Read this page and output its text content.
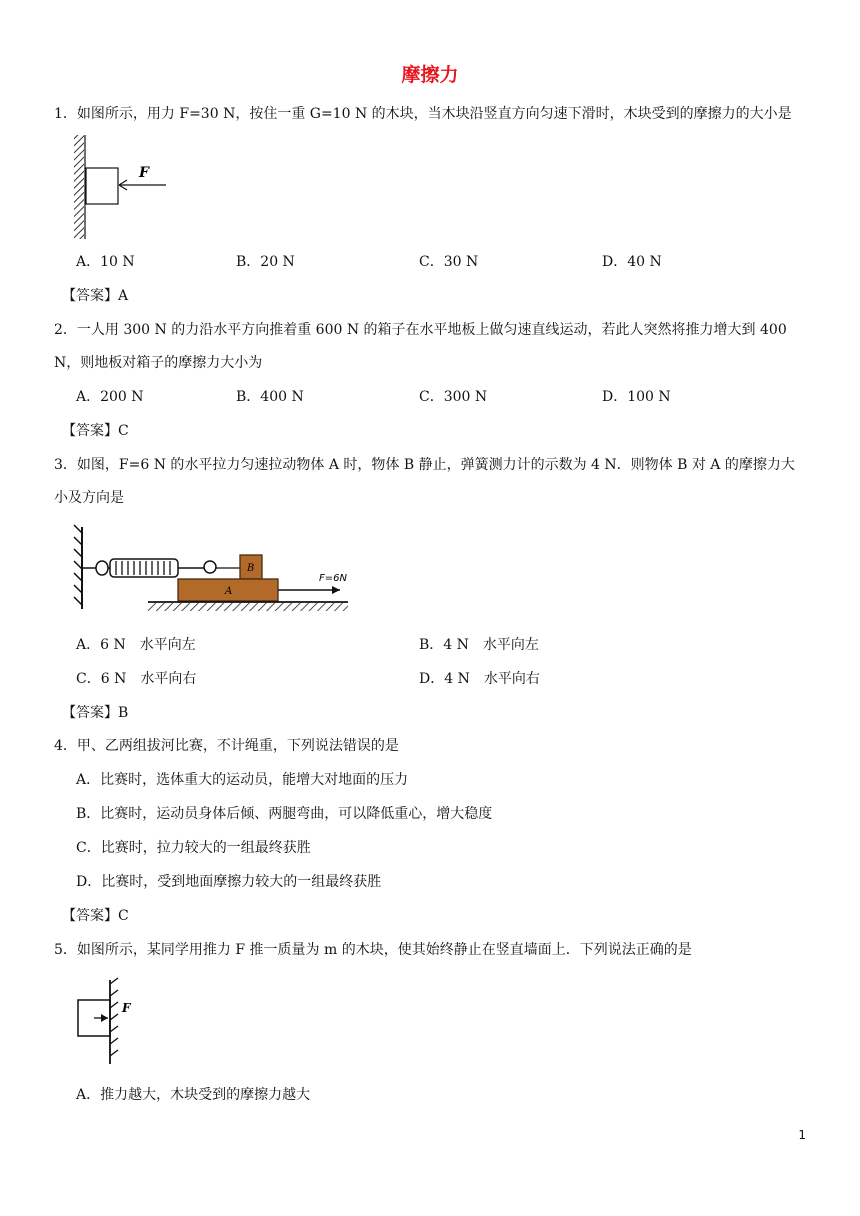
摩擦力
1．如图所示，用力 F=30 N，按住一重 G=10 N 的木块，当木块沿竖直方向匀速下滑时，木块受到的摩擦力的大小是
F
A．10 N	B．20 N	C．30 N	D．40 N
【答案】A
2．一人用 300 N 的力沿水平方向推着重 600 N 的箱子在水平地板上做匀速直线运动，若此人突然将推力增大到 400
N，则地板对箱子的摩擦力大小为
A．200 N	B．400 N	C．300 N	D．100 N
【答案】C
3．如图，F=6 N 的水平拉力匀速拉动物体 A 时，物体 B 静止，弹簧测力计的示数为 4 N．则物体 B 对 A 的摩擦力大
小及方向是
B
A
F=6N
A．6 N　水平向左	B．4 N　水平向左
C．6 N　水平向右	D．4 N　水平向右
【答案】B
4．甲、乙两组拔河比赛，不计绳重，下列说法错误的是
A．比赛时，选体重大的运动员，能增大对地面的压力
B．比赛时，运动员身体后倾、两腿弯曲，可以降低重心，增大稳度
C．比赛时，拉力较大的一组最终获胜
D．比赛时，受到地面摩擦力较大的一组最终获胜
【答案】C
5．如图所示，某同学用推力 F 推一质量为 m 的木块，使其始终静止在竖直墙面上．下列说法正确的是
F
A．推力越大，木块受到的摩擦力越大
1
